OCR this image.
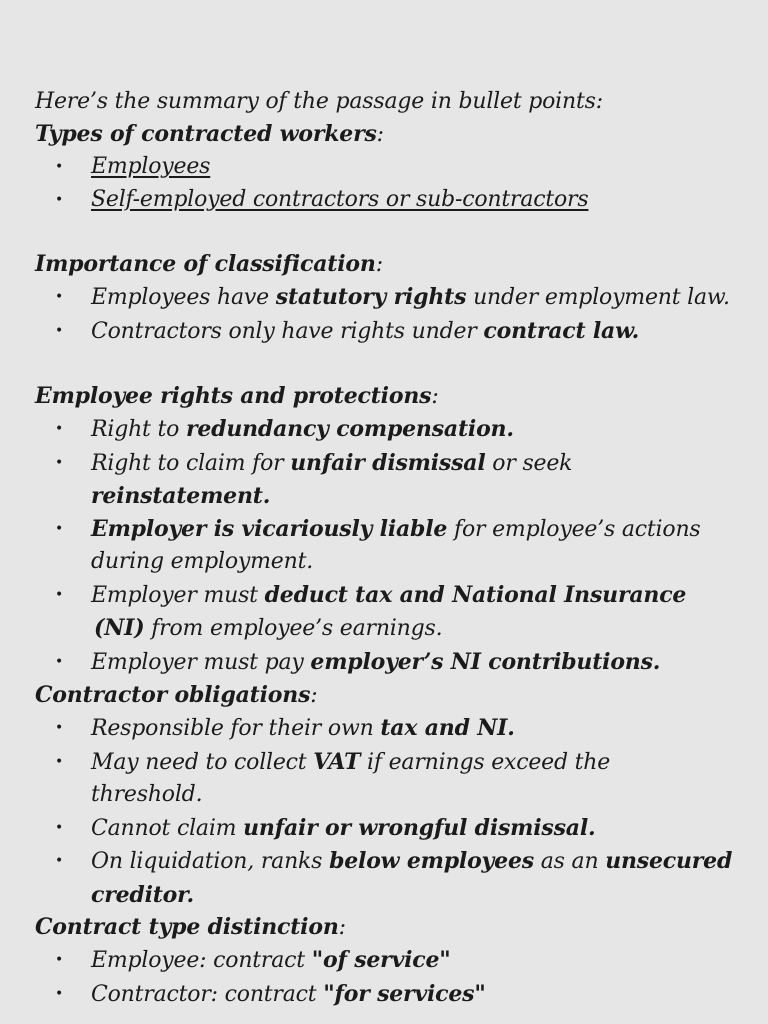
Here’s the summary of the passage in bullet points:
Types of contracted workers:
• Employees
• Self-employed contractors or sub-contractors
Importance of classification:
• Employees have statutory rights under employment law.
• Contractors only have rights under contract law.
Employee rights and protections:
• Right to redundancy compensation.
• Right to claim for unfair dismissal or seek
reinstatement.
• Employer is vicariously liable for employee’s actions
during employment.
• Employer must deduct tax and National Insurance
(NI) from employee’s earnings.
• Employer must pay employer’s NI contributions.
Contractor obligations:
• Responsible for their own tax and NI.
• May need to collect VAT if earnings exceed the
threshold.
• Cannot claim unfair or wrongful dismissal.
• On liquidation, ranks below employees as an unsecured
creditor.
Contract type distinction:
• Employee: contract "of service"
• Contractor: contract "for services"
